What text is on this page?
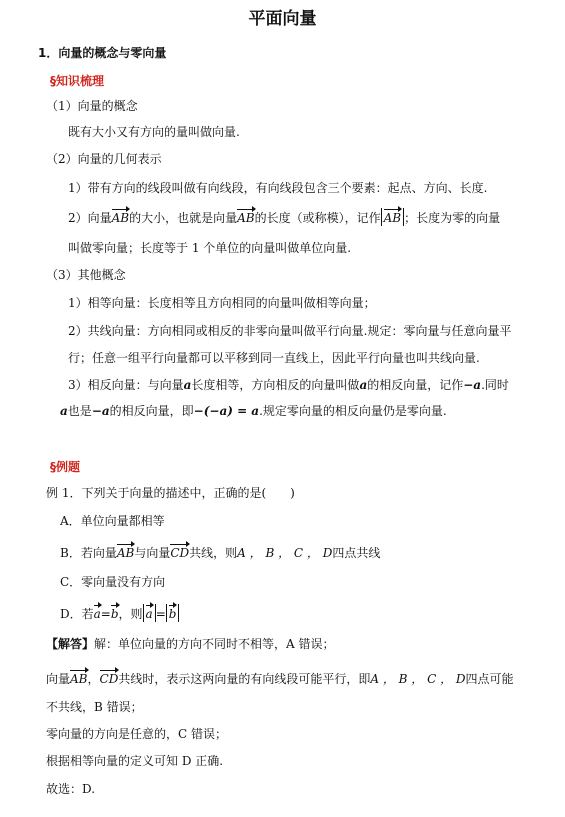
平面向量
1．向量的概念与零向量
§知识梳理
（1）向量的概念
既有大小又有方向的量叫做向量.
（2）向量的几何表示
1）带有方向的线段叫做有向线段，有向线段包含三个要素：起点、方向、长度.
2）向量AB的大小，也就是向量AB的长度（或称模），记作 AB ；长度为零的向量
叫做零向量；长度等于 1 个单位的向量叫做单位向量.
（3）其他概念
1）相等向量：长度相等且方向相同的向量叫做相等向量；
2）共线向量：方向相同或相反的非零向量叫做平行向量.规定：零向量与任意向量平
行；任意一组平行向量都可以平移到同一直线上，因此平行向量也叫共线向量.
3）相反向量：与向量a长度相等，方向相反的向量叫做a的相反向量，记作−a.同时
a也是−a的相反向量，即−(−a) = a.规定零向量的相反向量仍是零向量.
§例题
例 1．下列关于向量的描述中，正确的是(　　)
A．单位向量都相等
B．若向量AB与向量CD共线，则A ， B ， C ， D四点共线
C．零向量没有方向
D．若a=b，则 a = b
【解答】解：单位向量的方向不同时不相等，A 错误；
向量AB，CD共线时，表示这两向量的有向线段可能平行，即A ， B ， C ， D四点可能
不共线，B 错误；
零向量的方向是任意的，C 错误；
根据相等向量的定义可知 D 正确.
故选：D.
